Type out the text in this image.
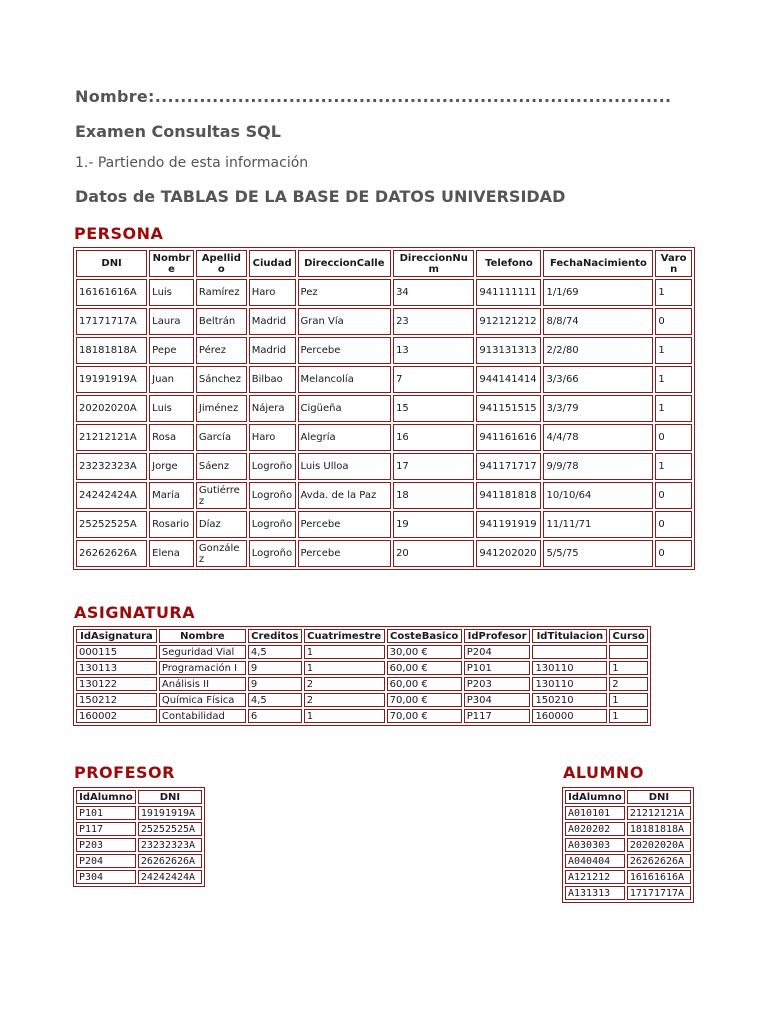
Nombre:.................................................................................
Examen Consultas SQL
1.- Partiendo de esta información
Datos de TABLAS DE LA BASE DE DATOS UNIVERSIDAD
PERSONA
DNI	Nombre	Apellido	Ciudad	DireccionCalle	DireccionNum	Telefono	FechaNacimiento	Varon
16161616A	Luis	Ramírez	Haro	Pez	34	941111111	1/1/69	1
17171717A	Laura	Beltrán	Madrid	Gran Vía	23	912121212	8/8/74	0
18181818A	Pepe	Pérez	Madrid	Percebe	13	913131313	2/2/80	1
19191919A	Juan	Sánchez	Bilbao	Melancolía	7	944141414	3/3/66	1
20202020A	Luis	Jiménez	Nájera	Cigüeña	15	941151515	3/3/79	1
21212121A	Rosa	García	Haro	Alegría	16	941161616	4/4/78	0
23232323A	Jorge	Sáenz	Logroño	Luis Ulloa	17	941171717	9/9/78	1
24242424A	María	Gutiérrez	Logroño	Avda. de la Paz	18	941181818	10/10/64	0
25252525A	Rosario	Díaz	Logroño	Percebe	19	941191919	11/11/71	0
26262626A	Elena	González	Logroño	Percebe	20	941202020	5/5/75	0
ASIGNATURA
IdAsignatura	Nombre	Creditos	Cuatrimestre	CosteBasico	IdProfesor	IdTitulacion	Curso
000115	Seguridad Vial	4,5	1	30,00 €	P204		
130113	Programación I	9	1	60,00 €	P101	130110	1
130122	Análisis II	9	2	60,00 €	P203	130110	2
150212	Química Física	4,5	2	70,00 €	P304	150210	1
160002	Contabilidad	6	1	70,00 €	P117	160000	1
PROFESOR
IdAlumno	DNI
P101	19191919A
P117	25252525A
P203	23232323A
P204	26262626A
P304	24242424A
ALUMNO
IdAlumno	DNI
A010101	21212121A
A020202	18181818A
A030303	20202020A
A040404	26262626A
A121212	16161616A
A131313	17171717A
